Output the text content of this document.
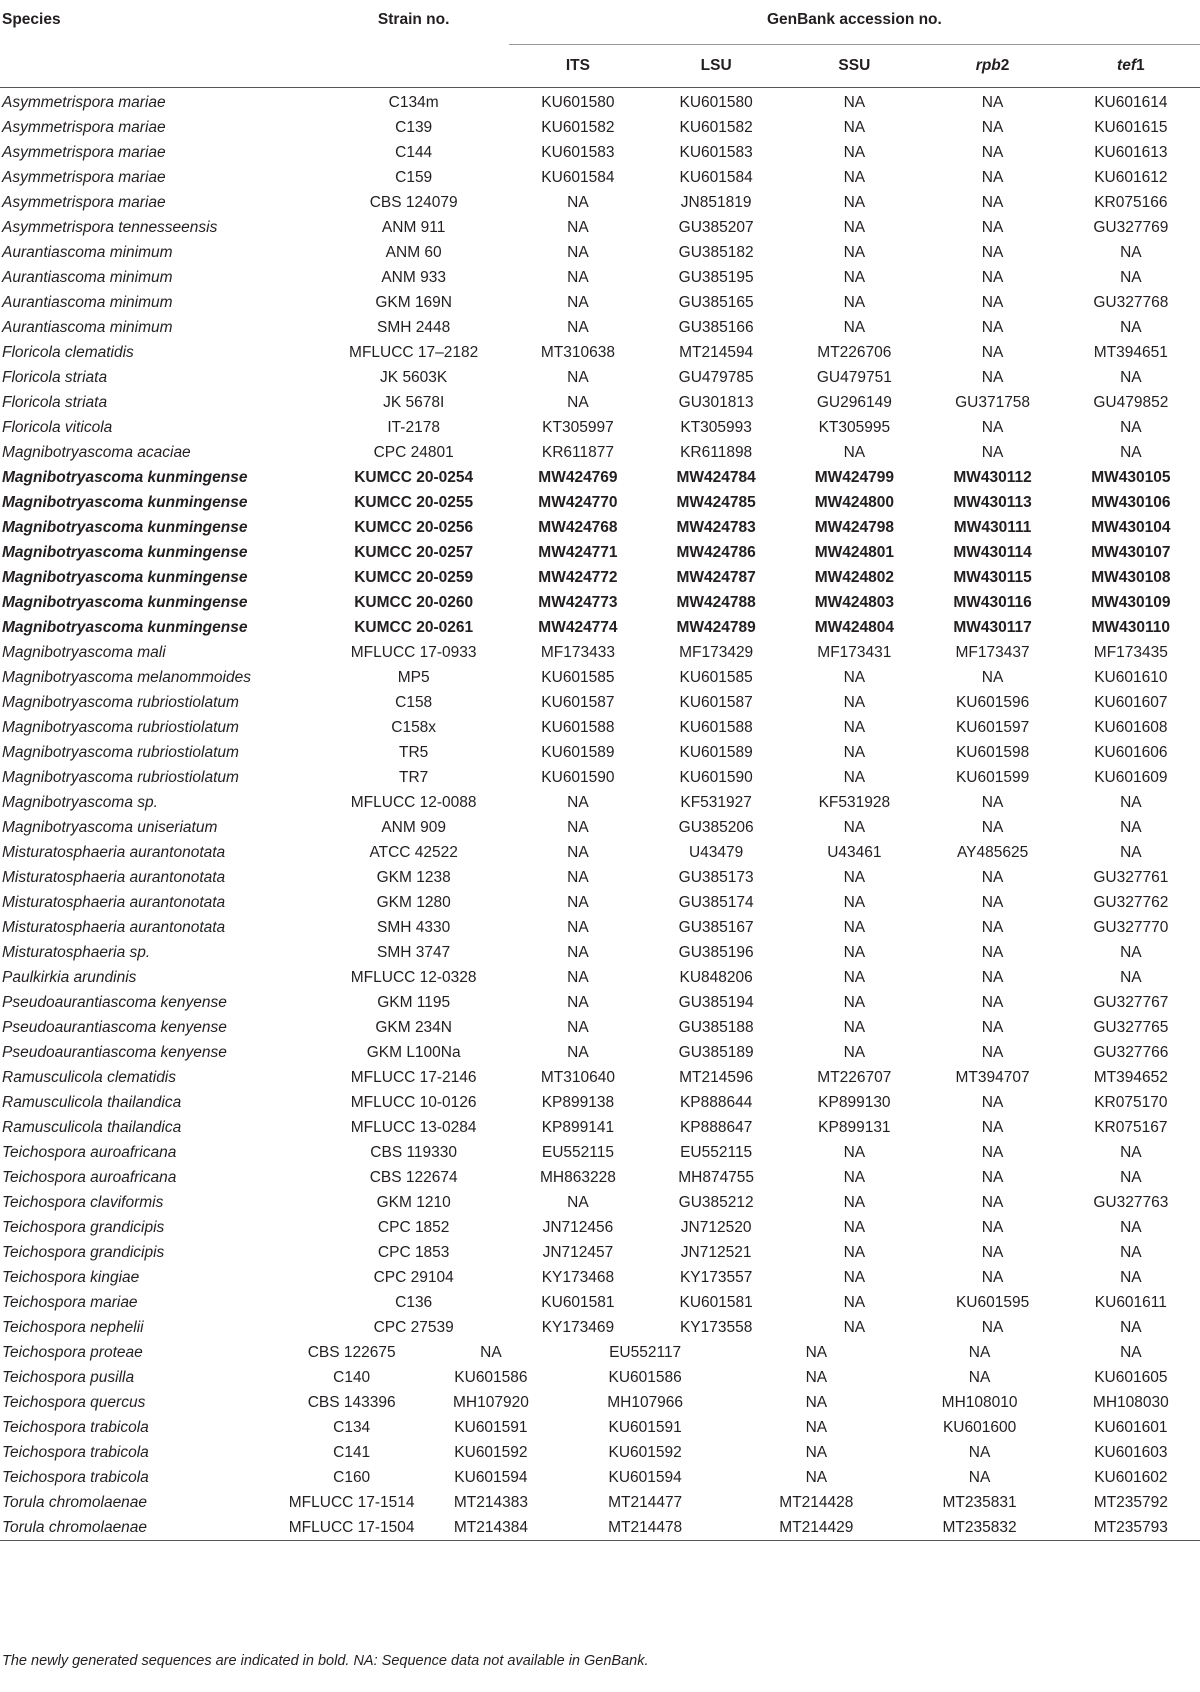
Species	Strain no.	GenBank accession no.				
		ITS	LSU	SSU	rpb2	tef1
Asymmetrispora mariae	C134m	KU601580	KU601580	NA	NA	KU601614
Asymmetrispora mariae	C139	KU601582	KU601582	NA	NA	KU601615
Asymmetrispora mariae	C144	KU601583	KU601583	NA	NA	KU601613
Asymmetrispora mariae	C159	KU601584	KU601584	NA	NA	KU601612
Asymmetrispora mariae	CBS 124079	NA	JN851819	NA	NA	KR075166
Asymmetrispora tennesseensis	ANM 911	NA	GU385207	NA	NA	GU327769
Aurantiascoma minimum	ANM 60	NA	GU385182	NA	NA	NA
Aurantiascoma minimum	ANM 933	NA	GU385195	NA	NA	NA
Aurantiascoma minimum	GKM 169N	NA	GU385165	NA	NA	GU327768
Aurantiascoma minimum	SMH 2448	NA	GU385166	NA	NA	NA
Floricola clematidis	MFLUCC 17–2182	MT310638	MT214594	MT226706	NA	MT394651
Floricola striata	JK 5603K	NA	GU479785	GU479751	NA	NA
Floricola striata	JK 5678I	NA	GU301813	GU296149	GU371758	GU479852
Floricola viticola	IT-2178	KT305997	KT305993	KT305995	NA	NA
Magnibotryascoma acaciae	CPC 24801	KR611877	KR611898	NA	NA	NA
Magnibotryascoma kunmingense	KUMCC 20-0254	MW424769	MW424784	MW424799	MW430112	MW430105
Magnibotryascoma kunmingense	KUMCC 20-0255	MW424770	MW424785	MW424800	MW430113	MW430106
Magnibotryascoma kunmingense	KUMCC 20-0256	MW424768	MW424783	MW424798	MW430111	MW430104
Magnibotryascoma kunmingense	KUMCC 20-0257	MW424771	MW424786	MW424801	MW430114	MW430107
Magnibotryascoma kunmingense	KUMCC 20-0259	MW424772	MW424787	MW424802	MW430115	MW430108
Magnibotryascoma kunmingense	KUMCC 20-0260	MW424773	MW424788	MW424803	MW430116	MW430109
Magnibotryascoma kunmingense	KUMCC 20-0261	MW424774	MW424789	MW424804	MW430117	MW430110
Magnibotryascoma mali	MFLUCC 17-0933	MF173433	MF173429	MF173431	MF173437	MF173435
Magnibotryascoma melanommoides	MP5	KU601585	KU601585	NA	NA	KU601610
Magnibotryascoma rubriostiolatum	C158	KU601587	KU601587	NA	KU601596	KU601607
Magnibotryascoma rubriostiolatum	C158x	KU601588	KU601588	NA	KU601597	KU601608
Magnibotryascoma rubriostiolatum	TR5	KU601589	KU601589	NA	KU601598	KU601606
Magnibotryascoma rubriostiolatum	TR7	KU601590	KU601590	NA	KU601599	KU601609
Magnibotryascoma sp.	MFLUCC 12-0088	NA	KF531927	KF531928	NA	NA
Magnibotryascoma uniseriatum	ANM 909	NA	GU385206	NA	NA	NA
Misturatosphaeria aurantonotata	ATCC 42522	NA	U43479	U43461	AY485625	NA
Misturatosphaeria aurantonotata	GKM 1238	NA	GU385173	NA	NA	GU327761
Misturatosphaeria aurantonotata	GKM 1280	NA	GU385174	NA	NA	GU327762
Misturatosphaeria aurantonotata	SMH 4330	NA	GU385167	NA	NA	GU327770
Misturatosphaeria sp.	SMH 3747	NA	GU385196	NA	NA	NA
Paulkirkia arundinis	MFLUCC 12-0328	NA	KU848206	NA	NA	NA
Pseudoaurantiascoma kenyense	GKM 1195	NA	GU385194	NA	NA	GU327767
Pseudoaurantiascoma kenyense	GKM 234N	NA	GU385188	NA	NA	GU327765
Pseudoaurantiascoma kenyense	GKM L100Na	NA	GU385189	NA	NA	GU327766
Ramusculicola clematidis	MFLUCC 17-2146	MT310640	MT214596	MT226707	MT394707	MT394652
Ramusculicola thailandica	MFLUCC 10-0126	KP899138	KP888644	KP899130	NA	KR075170
Ramusculicola thailandica	MFLUCC 13-0284	KP899141	KP888647	KP899131	NA	KR075167
Teichospora auroafricana	CBS 119330	EU552115	EU552115	NA	NA	NA
Teichospora auroafricana	CBS 122674	MH863228	MH874755	NA	NA	NA
Teichospora claviformis	GKM 1210	NA	GU385212	NA	NA	GU327763
Teichospora grandicipis	CPC 1852	JN712456	JN712520	NA	NA	NA
Teichospora grandicipis	CPC 1853	JN712457	JN712521	NA	NA	NA
Teichospora kingiae	CPC 29104	KY173468	KY173557	NA	NA	NA
Teichospora mariae	C136	KU601581	KU601581	NA	KU601595	KU601611
Teichospora nephelii	CPC 27539	KY173469	KY173558	NA	NA	NA
Teichospora proteae	CBS 122675	NA	EU552117	NA	NA	NA
Teichospora pusilla	C140	KU601586	KU601586	NA	NA	KU601605
Teichospora quercus	CBS 143396	MH107920	MH107966	NA	MH108010	MH108030
Teichospora trabicola	C134	KU601591	KU601591	NA	KU601600	KU601601
Teichospora trabicola	C141	KU601592	KU601592	NA	NA	KU601603
Teichospora trabicola	C160	KU601594	KU601594	NA	NA	KU601602
Torula chromolaenae	MFLUCC 17-1514	MT214383	MT214477	MT214428	MT235831	MT235792
Torula chromolaenae	MFLUCC 17-1504	MT214384	MT214478	MT214429	MT235832	MT235793
The newly generated sequences are indicated in bold. NA: Sequence data not available in GenBank.
